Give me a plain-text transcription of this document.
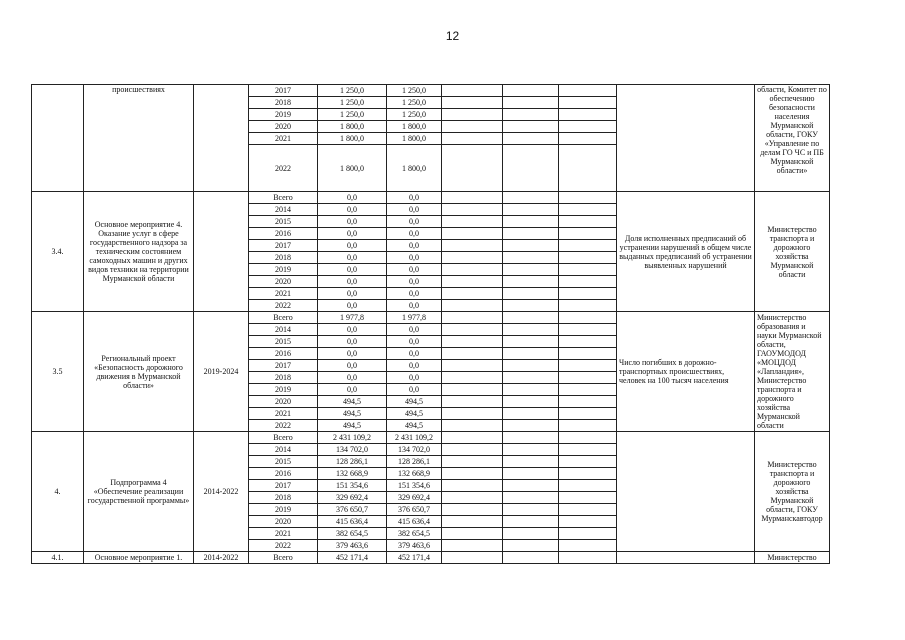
12
	происшествиях		2017	1 250,0	1 250,0					области, Комитет по обеспечению безопасности населения Мурманской области, ГОКУ «Управление по делам ГО ЧС и ПБ Мурманской области»
			2018	1 250,0	1 250,0					
			2019	1 250,0	1 250,0					
			2020	1 800,0	1 800,0					
			2021	1 800,0	1 800,0					
			2022	1 800,0	1 800,0					
3.4.	Основное мероприятие 4. Оказание услуг в сфере государственного надзора за техническим состоянием самоходных машин и других видов техники на территории Мурманской области		Всего	0,0	0,0				Доля исполненных предписаний об устранении нарушений в общем числе выданных предписаний об устранении выявленных нарушений	Министерство транспорта и дорожного хозяйства Мурманской области
			2014	0,0	0,0					
			2015	0,0	0,0					
			2016	0,0	0,0					
			2017	0,0	0,0					
			2018	0,0	0,0					
			2019	0,0	0,0					
			2020	0,0	0,0					
			2021	0,0	0,0					
			2022	0,0	0,0					
3.5	Региональный проект «Безопасность дорожного движения в Мурманской области»	2019-2024	Всего	1 977,8	1 977,8				Число погибших в дорожно-транспортных происшествиях, человек на 100 тысяч населения	Министерство образования и науки Мурманской области, ГАОУМОДОД «МОЦДОД «Лапландия», Министерство транспорта и дорожного хозяйства Мурманской области
			2014	0,0	0,0					
			2015	0,0	0,0					
			2016	0,0	0,0					
			2017	0,0	0,0					
			2018	0,0	0,0					
			2019	0,0	0,0					
			2020	494,5	494,5					
			2021	494,5	494,5					
			2022	494,5	494,5					
4.	Подпрограмма 4 «Обеспечение реализации государственной программы»	2014-2022	Всего	2 431 109,2	2 431 109,2					Министерство транспорта и дорожного хозяйства Мурманской области, ГОКУ Мурманскавтодор
			2014	134 702,0	134 702,0					
			2015	128 286,1	128 286,1					
			2016	132 668,9	132 668,9					
			2017	151 354,6	151 354,6					
			2018	329 692,4	329 692,4					
			2019	376 650,7	376 650,7					
			2020	415 636,4	415 636,4					
			2021	382 654,5	382 654,5					
			2022	379 463,6	379 463,6					
4.1.	Основное мероприятие 1.	2014-2022	Всего	452 171,4	452 171,4					Министерство
